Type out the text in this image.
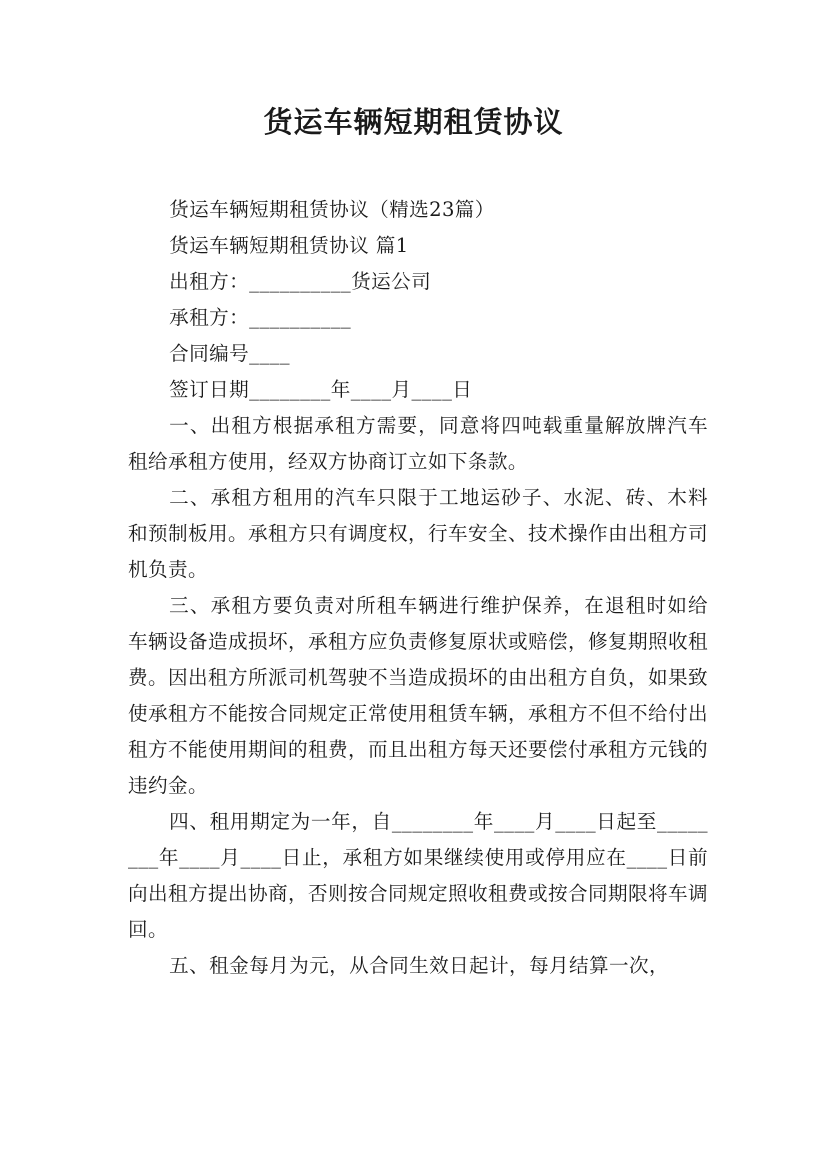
货运车辆短期租赁协议

货运车辆短期租赁协议（精选23篇）

货运车辆短期租赁协议 篇1

出租方：__________货运公司

承租方：__________

合同编号____

签订日期________年____月____日

一、出租方根据承租方需要，同意将四吨载重量解放牌汽车租给承租方使用，经双方协商订立如下条款。

二、承租方租用的汽车只限于工地运砂子、水泥、砖、木料和预制板用。承租方只有调度权，行车安全、技术操作由出租方司机负责。

三、承租方要负责对所租车辆进行维护保养，在退租时如给车辆设备造成损坏，承租方应负责修复原状或赔偿，修复期照收租费。因出租方所派司机驾驶不当造成损坏的由出租方自负，如果致使承租方不能按合同规定正常使用租赁车辆，承租方不但不给付出租方不能使用期间的租费，而且出租方每天还要偿付承租方元钱的违约金。

四、租用期定为一年，自________年____月____日起至________年____月____日止，承租方如果继续使用或停用应在____日前向出租方提出协商，否则按合同规定照收租费或按合同期限将车调回。

五、租金每月为元，从合同生效日起计，每月结算一次，
